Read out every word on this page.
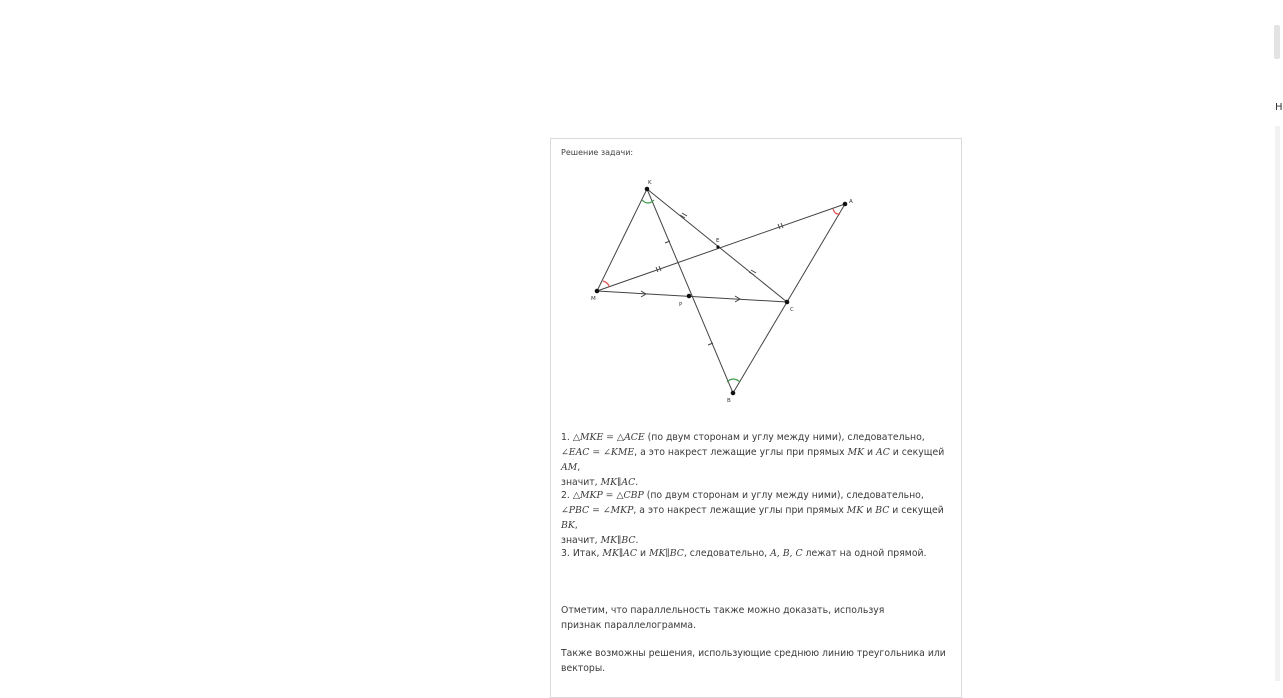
H
Решение задачи:
K
A
E
M
P
C
B
1. △MKE = △ACE (по двум сторонам и углу между ними), следовательно,
∠EAC = ∠KME, а это накрест лежащие углы при прямых MK и AC и секущей AM,
значит, MK∥AC.
2. △MKP = △CBP (по двум сторонам и углу между ними), следовательно,
∠PBC = ∠MKP, а это накрест лежащие углы при прямых MK и BC и секущей BK,
значит, MK∥BC.
3. Итак, MK∥AC и MK∥BC, следовательно, A, B, C лежат на одной прямой.
Отметим, что параллельность также можно доказать, используя признак параллелограмма.
Также возможны решения, использующие среднюю линию треугольника или векторы.
